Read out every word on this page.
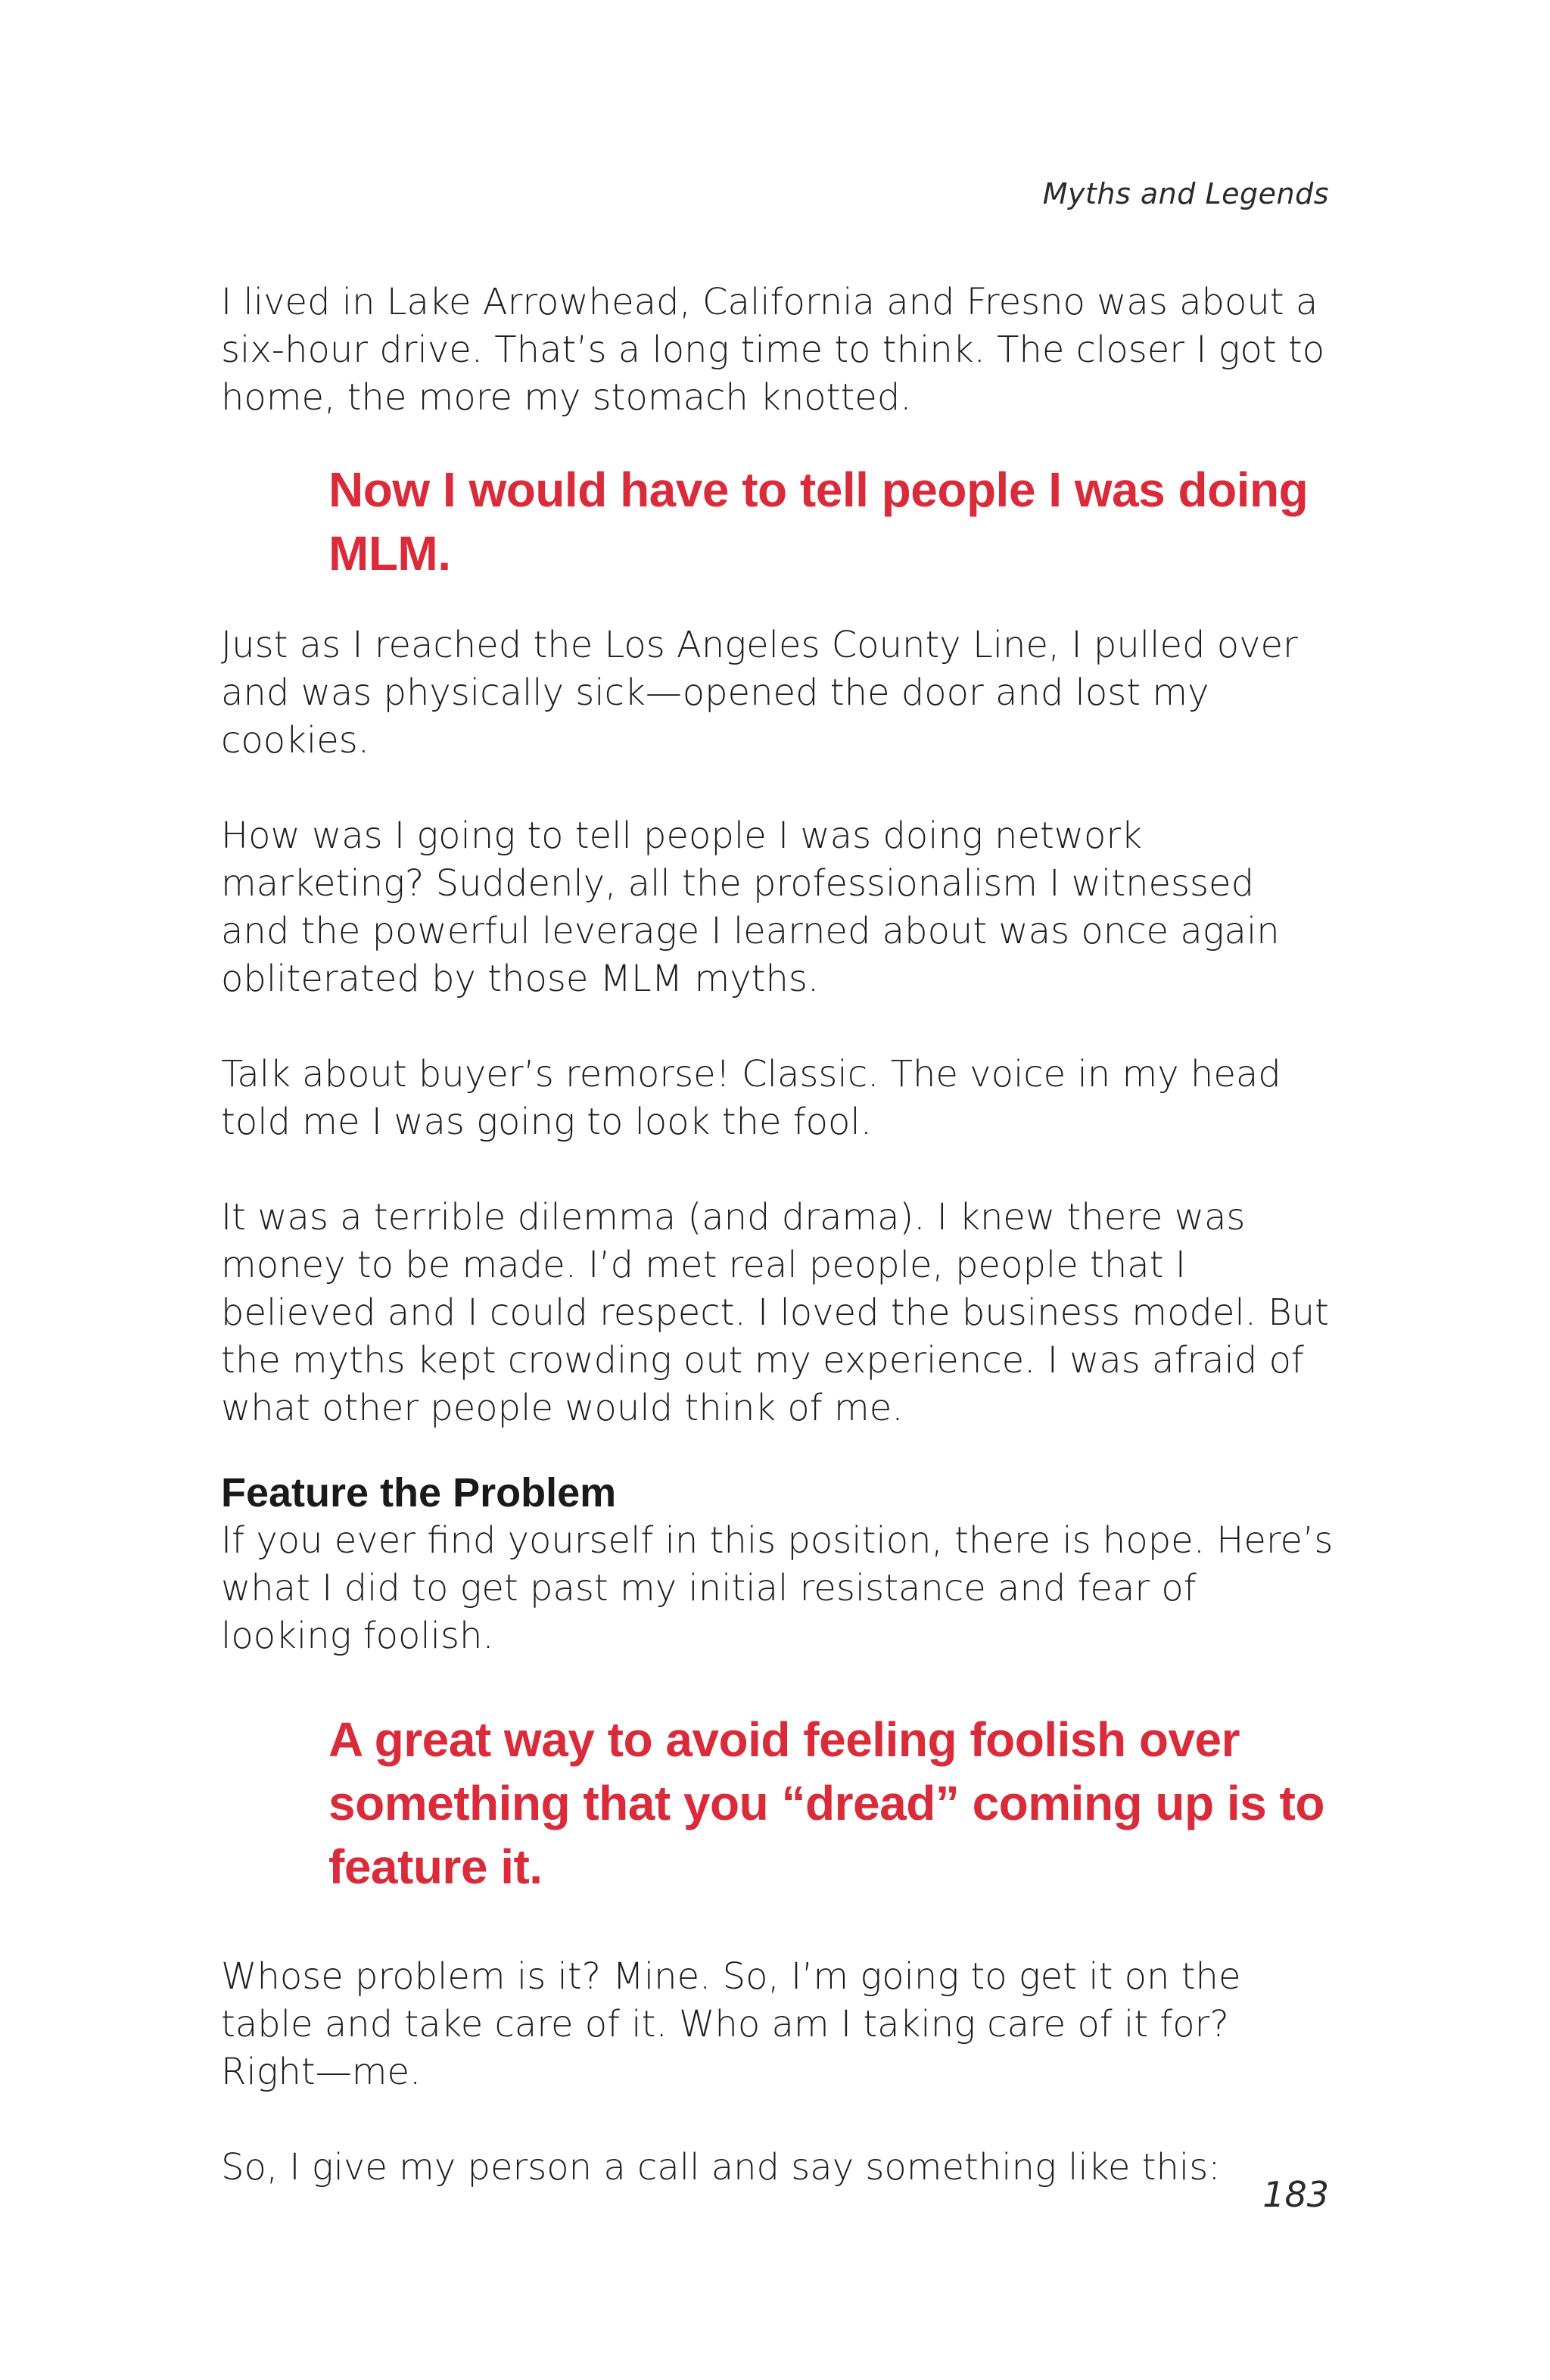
Myths and Legends

I lived in Lake Arrowhead, California and Fresno was about a six-hour drive. That’s a long time to think. The closer I got to home, the more my stomach knotted.

Now I would have to tell people I was doing MLM.

Just as I reached the Los Angeles County Line, I pulled over and was physically sick—opened the door and lost my cookies.

How was I going to tell people I was doing network marketing? Suddenly, all the professionalism I witnessed and the powerful leverage I learned about was once again obliterated by those MLM myths.

Talk about buyer’s remorse! Classic. The voice in my head told me I was going to look the fool.

It was a terrible dilemma (and drama). I knew there was money to be made. I’d met real people, people that I believed and I could respect. I loved the business model. But the myths kept crowding out my experience. I was afraid of what other people would think of me.

Feature the Problem

If you ever find yourself in this position, there is hope. Here’s what I did to get past my initial resistance and fear of looking foolish.

A great way to avoid feeling foolish over something that you “dread” coming up is to feature it.

Whose problem is it? Mine. So, I’m going to get it on the table and take care of it. Who am I taking care of it for? Right—me.

So, I give my person a call and say something like this:

183
